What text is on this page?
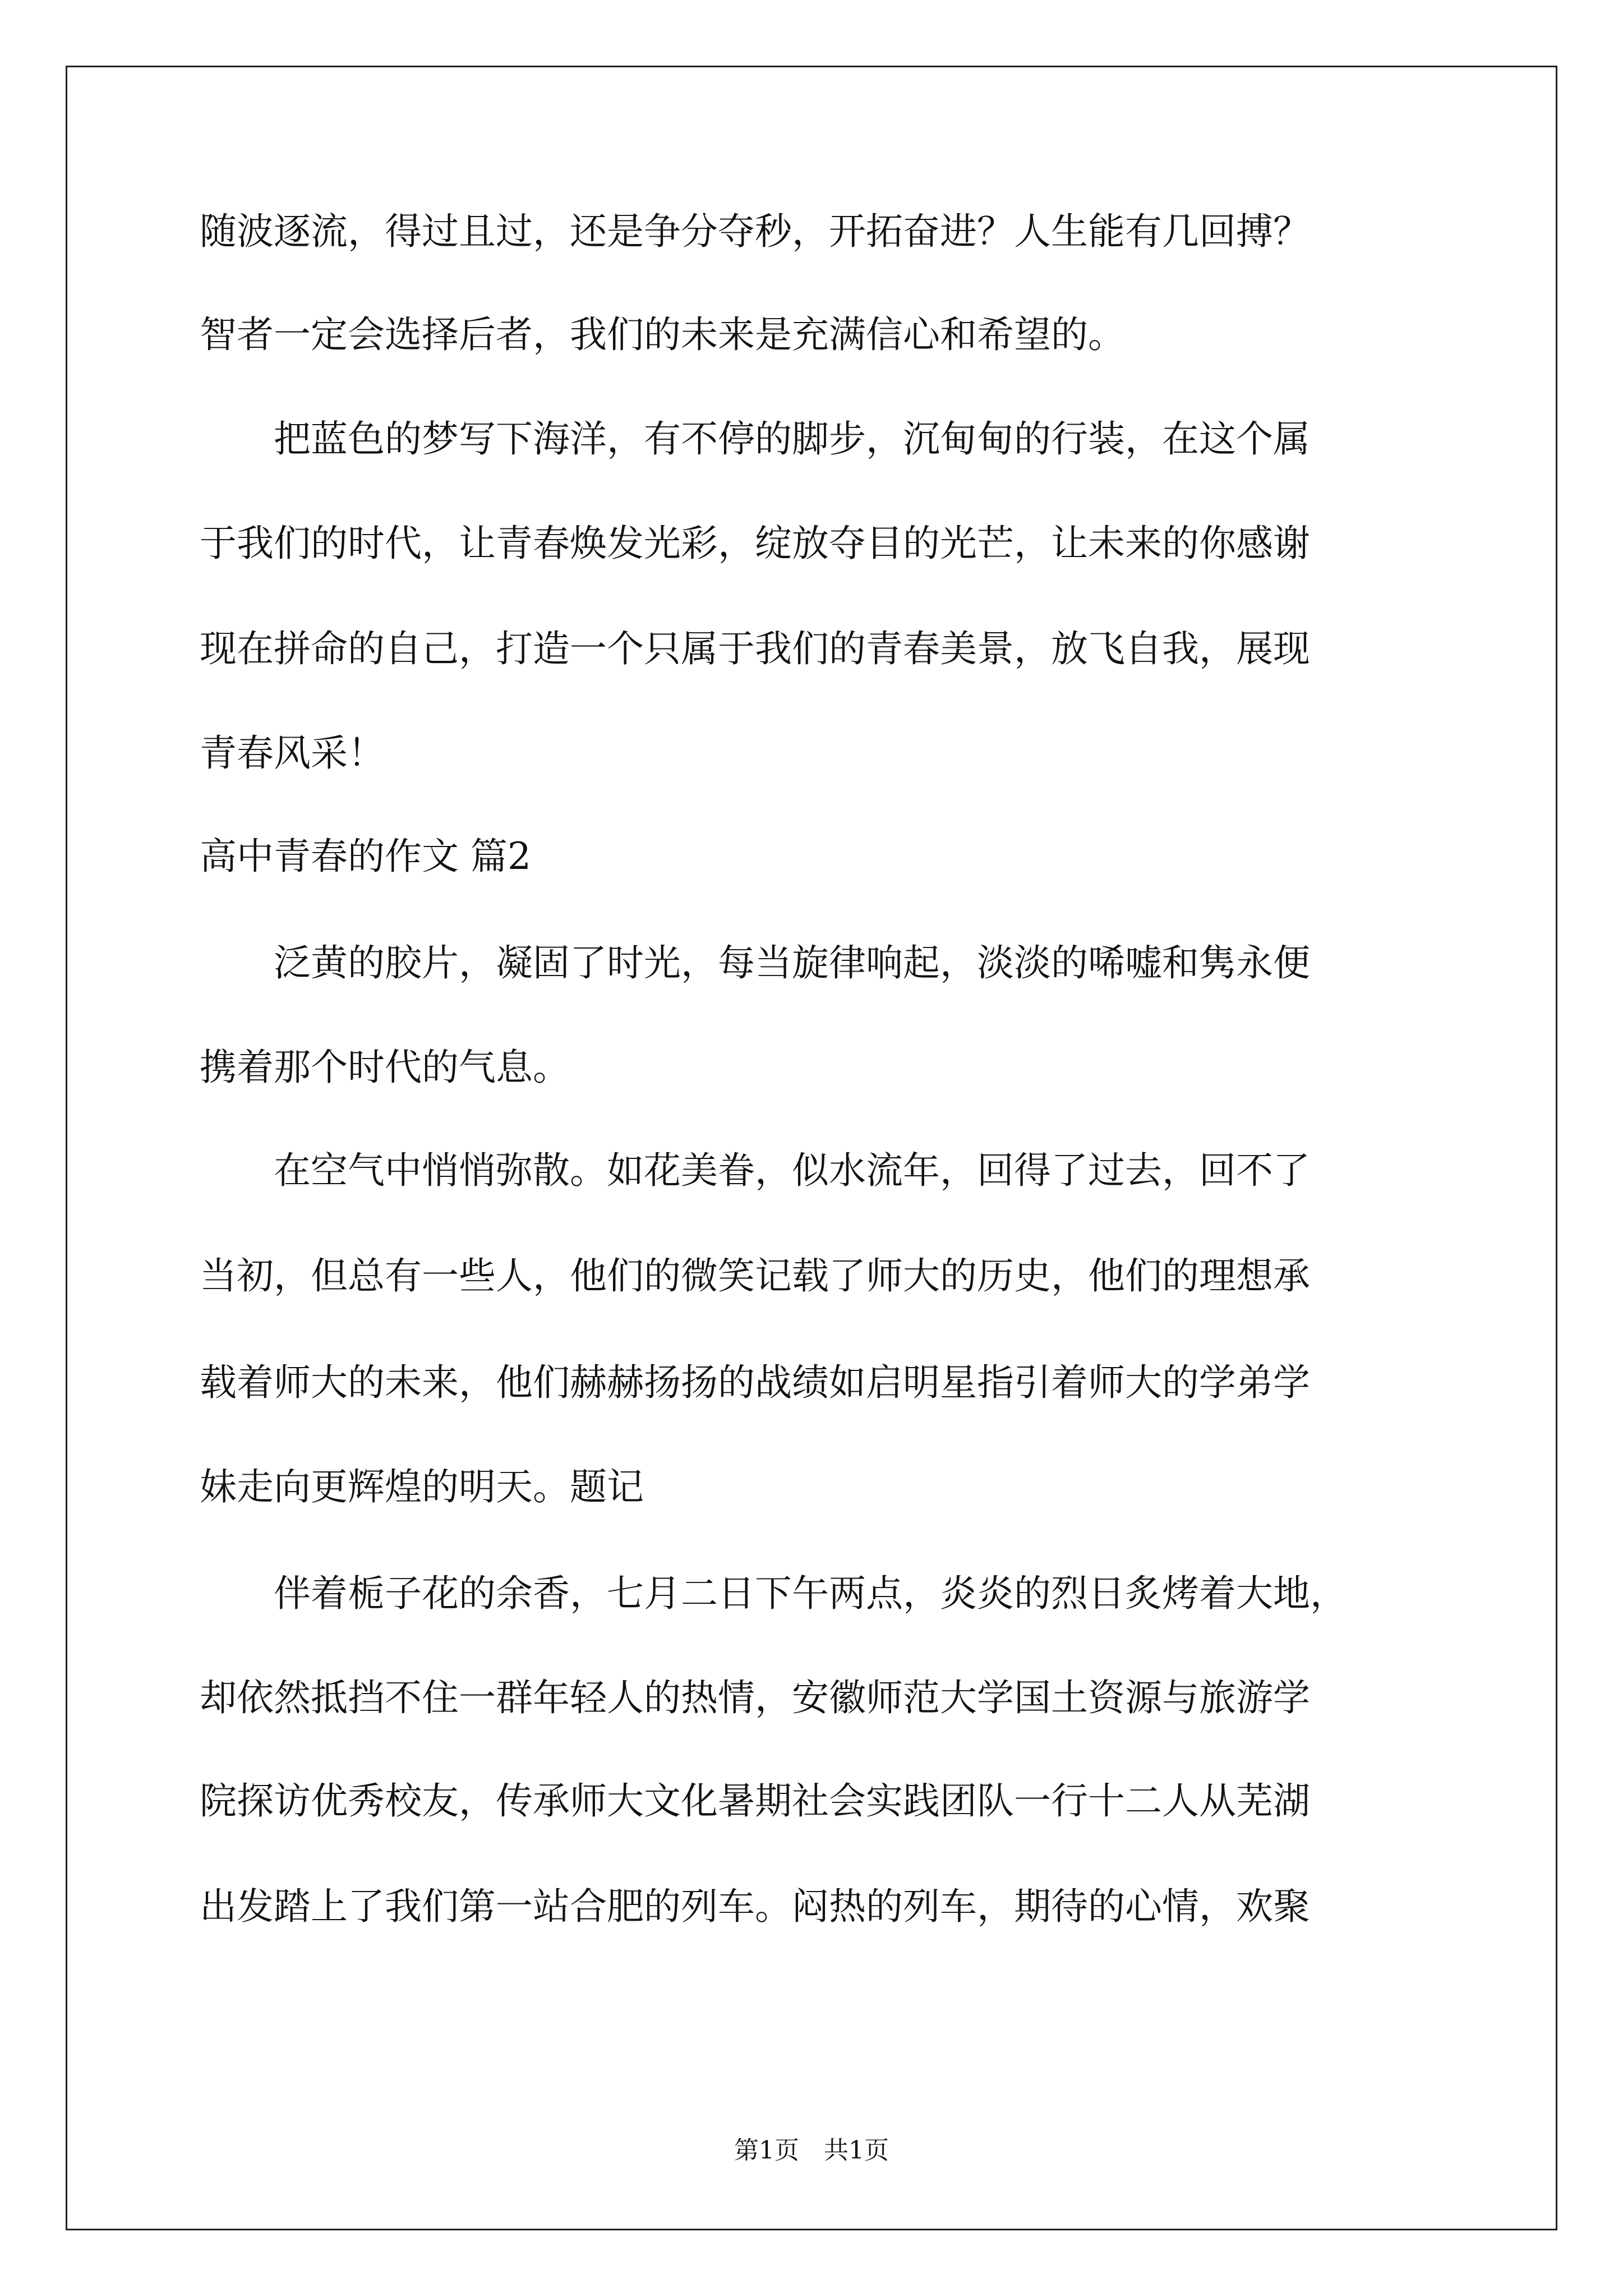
随波逐流，得过且过，还是争分夺秒，开拓奋进？人生能有几回搏？

智者一定会选择后者，我们的未来是充满信心和希望的。

　　把蓝色的梦写下海洋，有不停的脚步，沉甸甸的行装，在这个属

于我们的时代，让青春焕发光彩，绽放夺目的光芒，让未来的你感谢

现在拼命的自己，打造一个只属于我们的青春美景，放飞自我，展现

青春风采！

高中青春的作文 篇2

　　泛黄的胶片，凝固了时光，每当旋律响起，淡淡的唏嘘和隽永便

携着那个时代的气息。

　　在空气中悄悄弥散。如花美眷，似水流年，回得了过去，回不了

当初，但总有一些人，他们的微笑记载了师大的历史，他们的理想承

载着师大的未来，他们赫赫扬扬的战绩如启明星指引着师大的学弟学

妹走向更辉煌的明天。题记

　　伴着栀子花的余香，七月二日下午两点，炎炎的烈日炙烤着大地，

却依然抵挡不住一群年轻人的热情，安徽师范大学国土资源与旅游学

院探访优秀校友，传承师大文化暑期社会实践团队一行十二人从芜湖

出发踏上了我们第一站合肥的列车。闷热的列车，期待的心情，欢聚

第1页　共1页
